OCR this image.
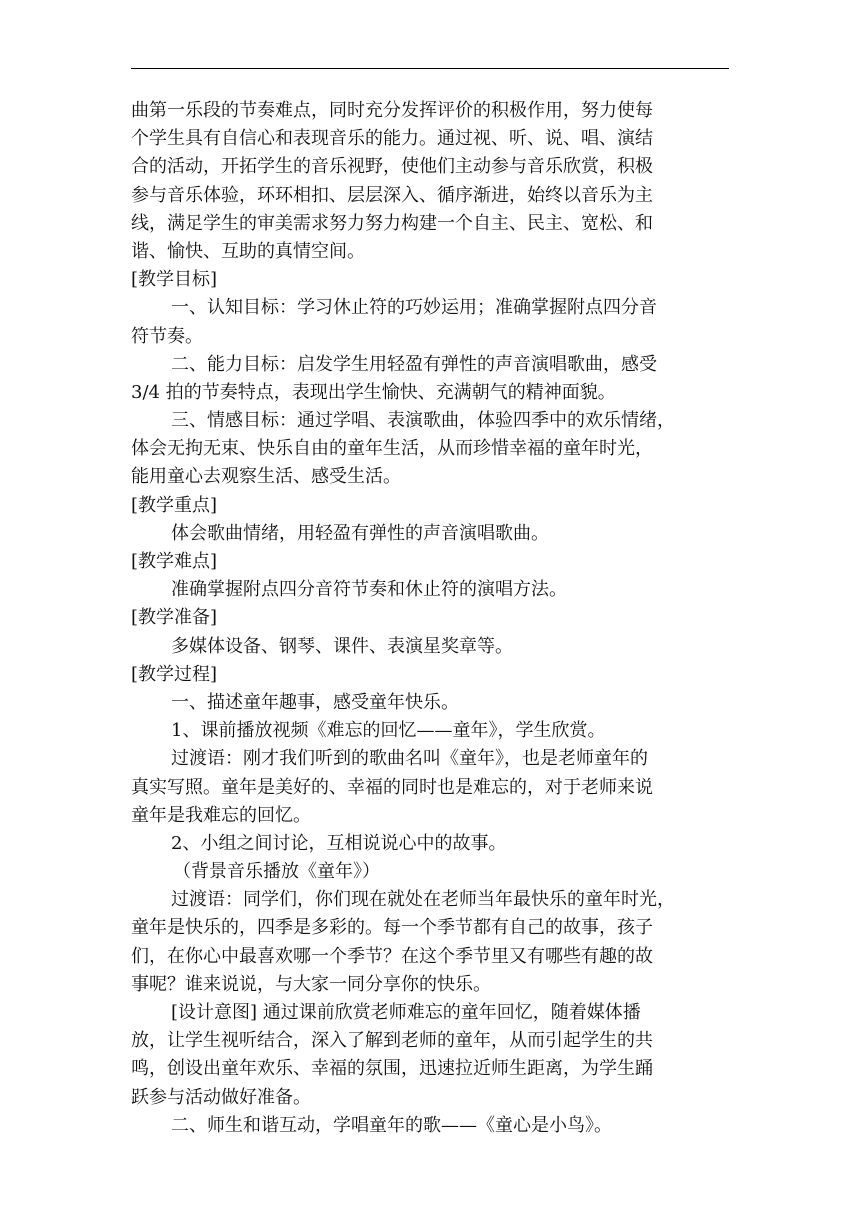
曲第一乐段的节奏难点，同时充分发挥评价的积极作用，努力使每
个学生具有自信心和表现音乐的能力。通过视、听、说、唱、演结
合的活动，开拓学生的音乐视野，使他们主动参与音乐欣赏，积极
参与音乐体验，环环相扣、层层深入、循序渐进，始终以音乐为主
线，满足学生的审美需求努力努力构建一个自主、民主、宽松、和
谐、愉快、互助的真情空间。
[教学目标]
一、认知目标：学习休止符的巧妙运用；准确掌握附点四分音
符节奏。
二、能力目标：启发学生用轻盈有弹性的声音演唱歌曲，感受
3/4 拍的节奏特点，表现出学生愉快、充满朝气的精神面貌。
三、情感目标：通过学唱、表演歌曲，体验四季中的欢乐情绪，
体会无拘无束、快乐自由的童年生活，从而珍惜幸福的童年时光，
能用童心去观察生活、感受生活。
[教学重点]
体会歌曲情绪，用轻盈有弹性的声音演唱歌曲。
[教学难点]
准确掌握附点四分音符节奏和休止符的演唱方法。
[教学准备]
多媒体设备、钢琴、课件、表演星奖章等。
[教学过程]
一、描述童年趣事，感受童年快乐。
1、课前播放视频《难忘的回忆——童年》，学生欣赏。
过渡语：刚才我们听到的歌曲名叫《童年》，也是老师童年的
真实写照。童年是美好的、幸福的同时也是难忘的，对于老师来说
童年是我难忘的回忆。
2、小组之间讨论，互相说说心中的故事。
（背景音乐播放《童年》）
过渡语：同学们，你们现在就处在老师当年最快乐的童年时光，
童年是快乐的，四季是多彩的。每一个季节都有自己的故事，孩子
们，在你心中最喜欢哪一个季节？在这个季节里又有哪些有趣的故
事呢？谁来说说，与大家一同分享你的快乐。
[设计意图] 通过课前欣赏老师难忘的童年回忆，随着媒体播
放，让学生视听结合，深入了解到老师的童年，从而引起学生的共
鸣，创设出童年欢乐、幸福的氛围，迅速拉近师生距离，为学生踊
跃参与活动做好准备。
二、师生和谐互动，学唱童年的歌——《童心是小鸟》。
